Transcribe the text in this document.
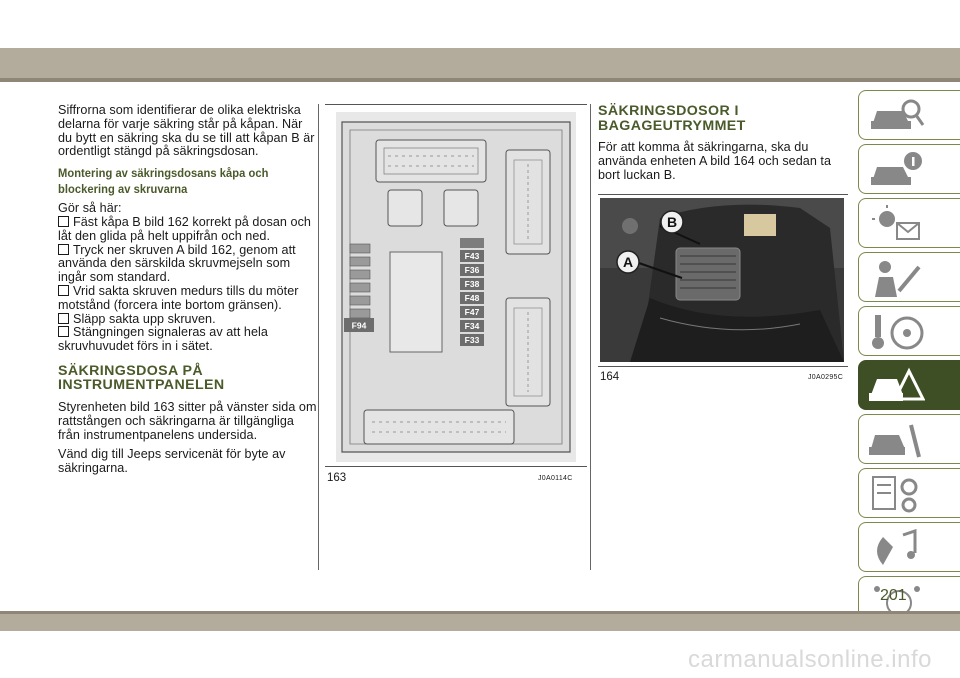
Siffrorna som identifierar de olika elektriska delarna för varje säkring står på kåpan. När du bytt en säkring ska du se till att kåpan B är ordentligt stängd på säkringsdosan.

Montering av säkringsdosans kåpa och blockering av skruvarna
Gör så här:
Fäst kåpa B bild 162 korrekt på dosan och låt den glida på helt uppifrån och ned.
Tryck ner skruven A bild 162, genom att använda den särskilda skruvmejseln som ingår som standard.
Vrid sakta skruven medurs tills du möter motstånd (forcera inte bortom gränsen).
Släpp sakta upp skruven.
Stängningen signaleras av att hela skruvhuvudet förs in i sätet.
SÄKRINGSDOSA PÅ INSTRUMENTPANELEN

Styrenheten bild 163 sitter på vänster sida om rattstången och säkringarna är tillgängliga från instrumentpanelens undersida.

Vänd dig till Jeeps servicenät för byte av säkringarna.

F43
F36
F38
F48
F47
F34
F33
F94
163	J0A0114C
SÄKRINGSDOSOR I BAGAGEUTRYMMET

För att komma åt säkringarna, ska du använda enheten A bild 164 och sedan ta bort luckan B.

B
A
164	J0A0295C
201
carmanualsonline.info
